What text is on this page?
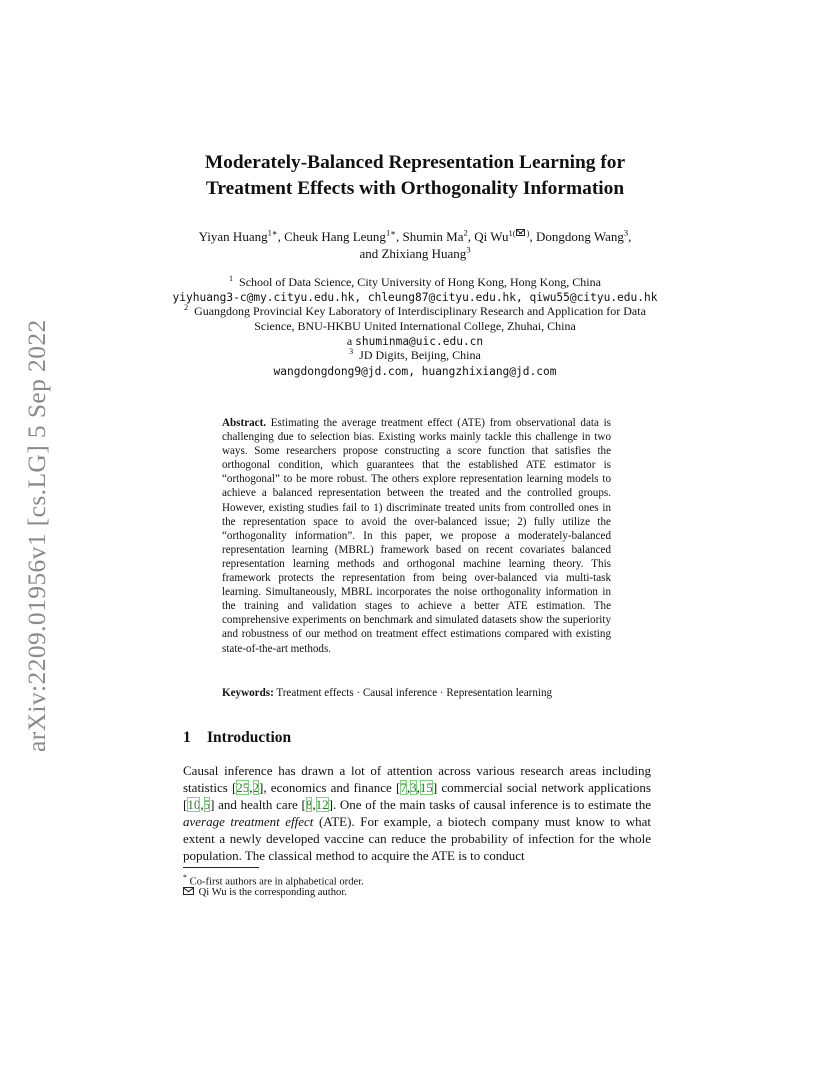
arXiv:2209.01956v1 [cs.LG] 5 Sep 2022
Moderately-Balanced Representation Learning for
Treatment Effects with Orthogonality Information
Yiyan Huang$^{1∗}$, Cheuk Hang Leung$^{1∗}$, Shumin Ma$^2$, Qi $Wu^{1( )}$, Dongdong Wang$^3$,
and Zhixiang Huang$^3$
$^1$ School of Data Science, City University of Hong Kong, Hong Kong, China
yiyhuang3-c@my.cityu.edu.hk, chleung87@cityu.edu.hk, qiwu55@cityu.edu.hk
$^2$ Guangdong Provincial Key Laboratory of Interdisciplinary Research and Application for Data
Science, BNU-HKBU United International College, Zhuhai, China
a shuminma@uic.edu.cn
$^3$ JD Digits, Beijing, China
wangdongdong9@jd.com, huangzhixiang@jd.com
Abstract. Estimating the average treatment effect (ATE) from observational data is challenging due to selection bias. Existing works mainly tackle this challenge in two ways. Some researchers propose constructing a score function that satisfies the orthogonal condition, which guarantees that the established ATE estimator is “orthogonal” to be more robust. The others explore representation learning models to achieve a balanced representation between the treated and the controlled groups. However, existing studies fail to 1) discriminate treated units from controlled ones in the representation space to avoid the over-balanced issue; 2) fully utilize the “orthogonality information”. In this paper, we propose a moderately-balanced representation learning (MBRL) framework based on recent covariates balanced representation learning methods and orthogonal machine learning theory. This framework protects the representation from being over-balanced via multi-task learning. Simultaneously, MBRL incorporates the noise orthogonality information in the training and validation stages to achieve a better ATE estimation. The comprehensive experiments on benchmark and simulated datasets show the superiority and robustness of our method on treatment effect estimations compared with existing state-of-the-art methods.
Keywords: Treatment effects · Causal inference · Representation learning
1 Introduction
Causal inference has drawn a lot of attention across various research areas including statistics [25,2], economics and finance [7,3,15] commercial social network applications [10,5] and health care [8,12]. One of the main tasks of causal inference is to estimate the average treatment effect (ATE). For example, a biotech company must know to what extent a newly developed vaccine can reduce the probability of infection for the whole population. The classical method to acquire the ATE is to conduct
* Co-first authors are in alphabetical order.
Qi Wu is the corresponding author.
